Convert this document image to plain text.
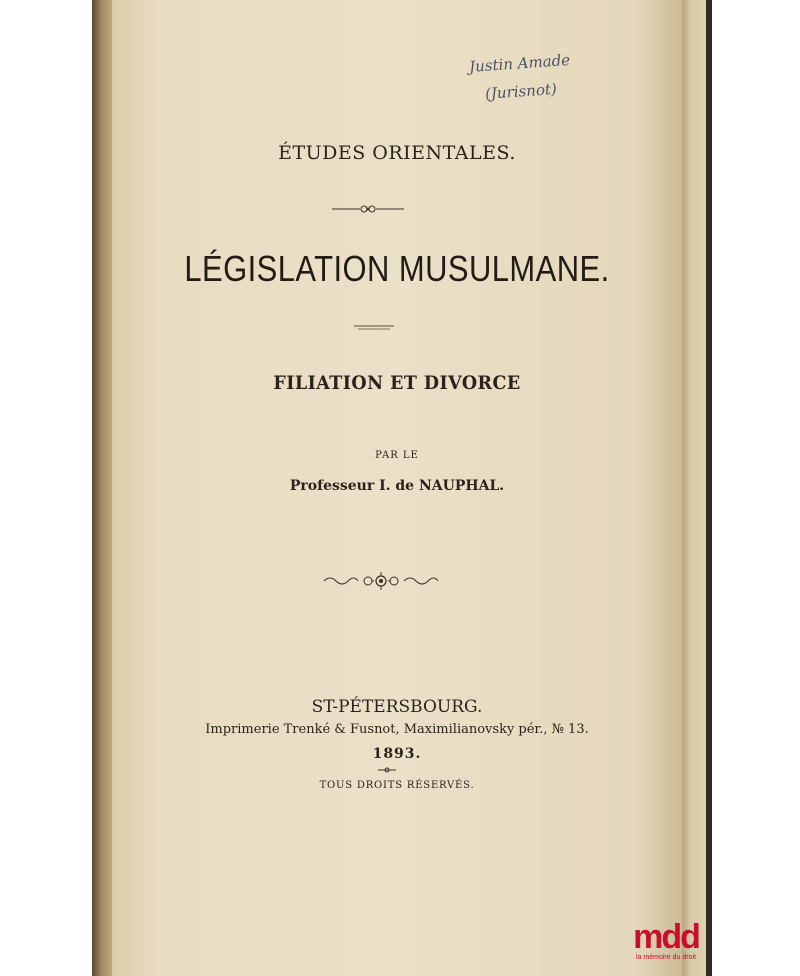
Justin Amade
(Jurisnot)
ÉTUDES ORIENTALES.
LÉGISLATION MUSULMANE.
FILIATION ET DIVORCE
PAR LE
Professeur I. de NAUPHAL.
ST-PÉTERSBOURG.
Imprimerie Trenké & Fusnot, Maximilianovsky pér., № 13.
1893.
TOUS DROITS RÉSERVÉS.
mdd
la mémoire du droit
